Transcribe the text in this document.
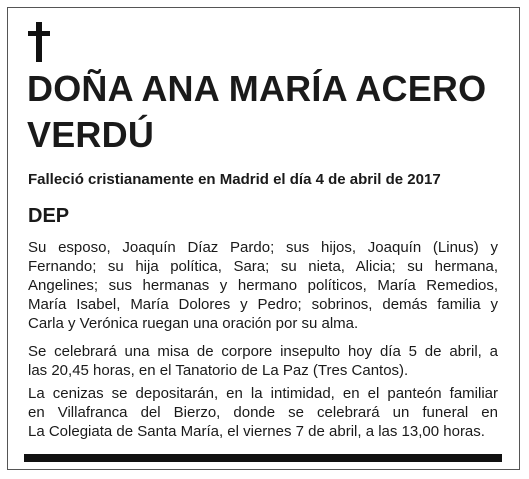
DOÑA ANA MARÍA ACERO
VERDÚ

Falleció cristianamente en Madrid el día 4 de abril de 2017

DEP

Su esposo, Joaquín Díaz Pardo; sus hijos, Joaquín (Linus) y
Fernando; su hija política, Sara; su nieta, Alicia; su hermana,
Angelines; sus hermanas y hermano políticos, María Remedios,
María Isabel, María Dolores y Pedro; sobrinos, demás familia y
Carla y Verónica ruegan una oración por su alma.

Se celebrará una misa de corpore insepulto hoy día 5 de abril, a
las 20,45 horas, en el Tanatorio de La Paz (Tres Cantos).

La cenizas se depositarán, en la intimidad, en el panteón familiar
en Villafranca del Bierzo, donde se celebrará un funeral en
La Colegiata de Santa María, el viernes 7 de abril, a las 13,00 horas.
